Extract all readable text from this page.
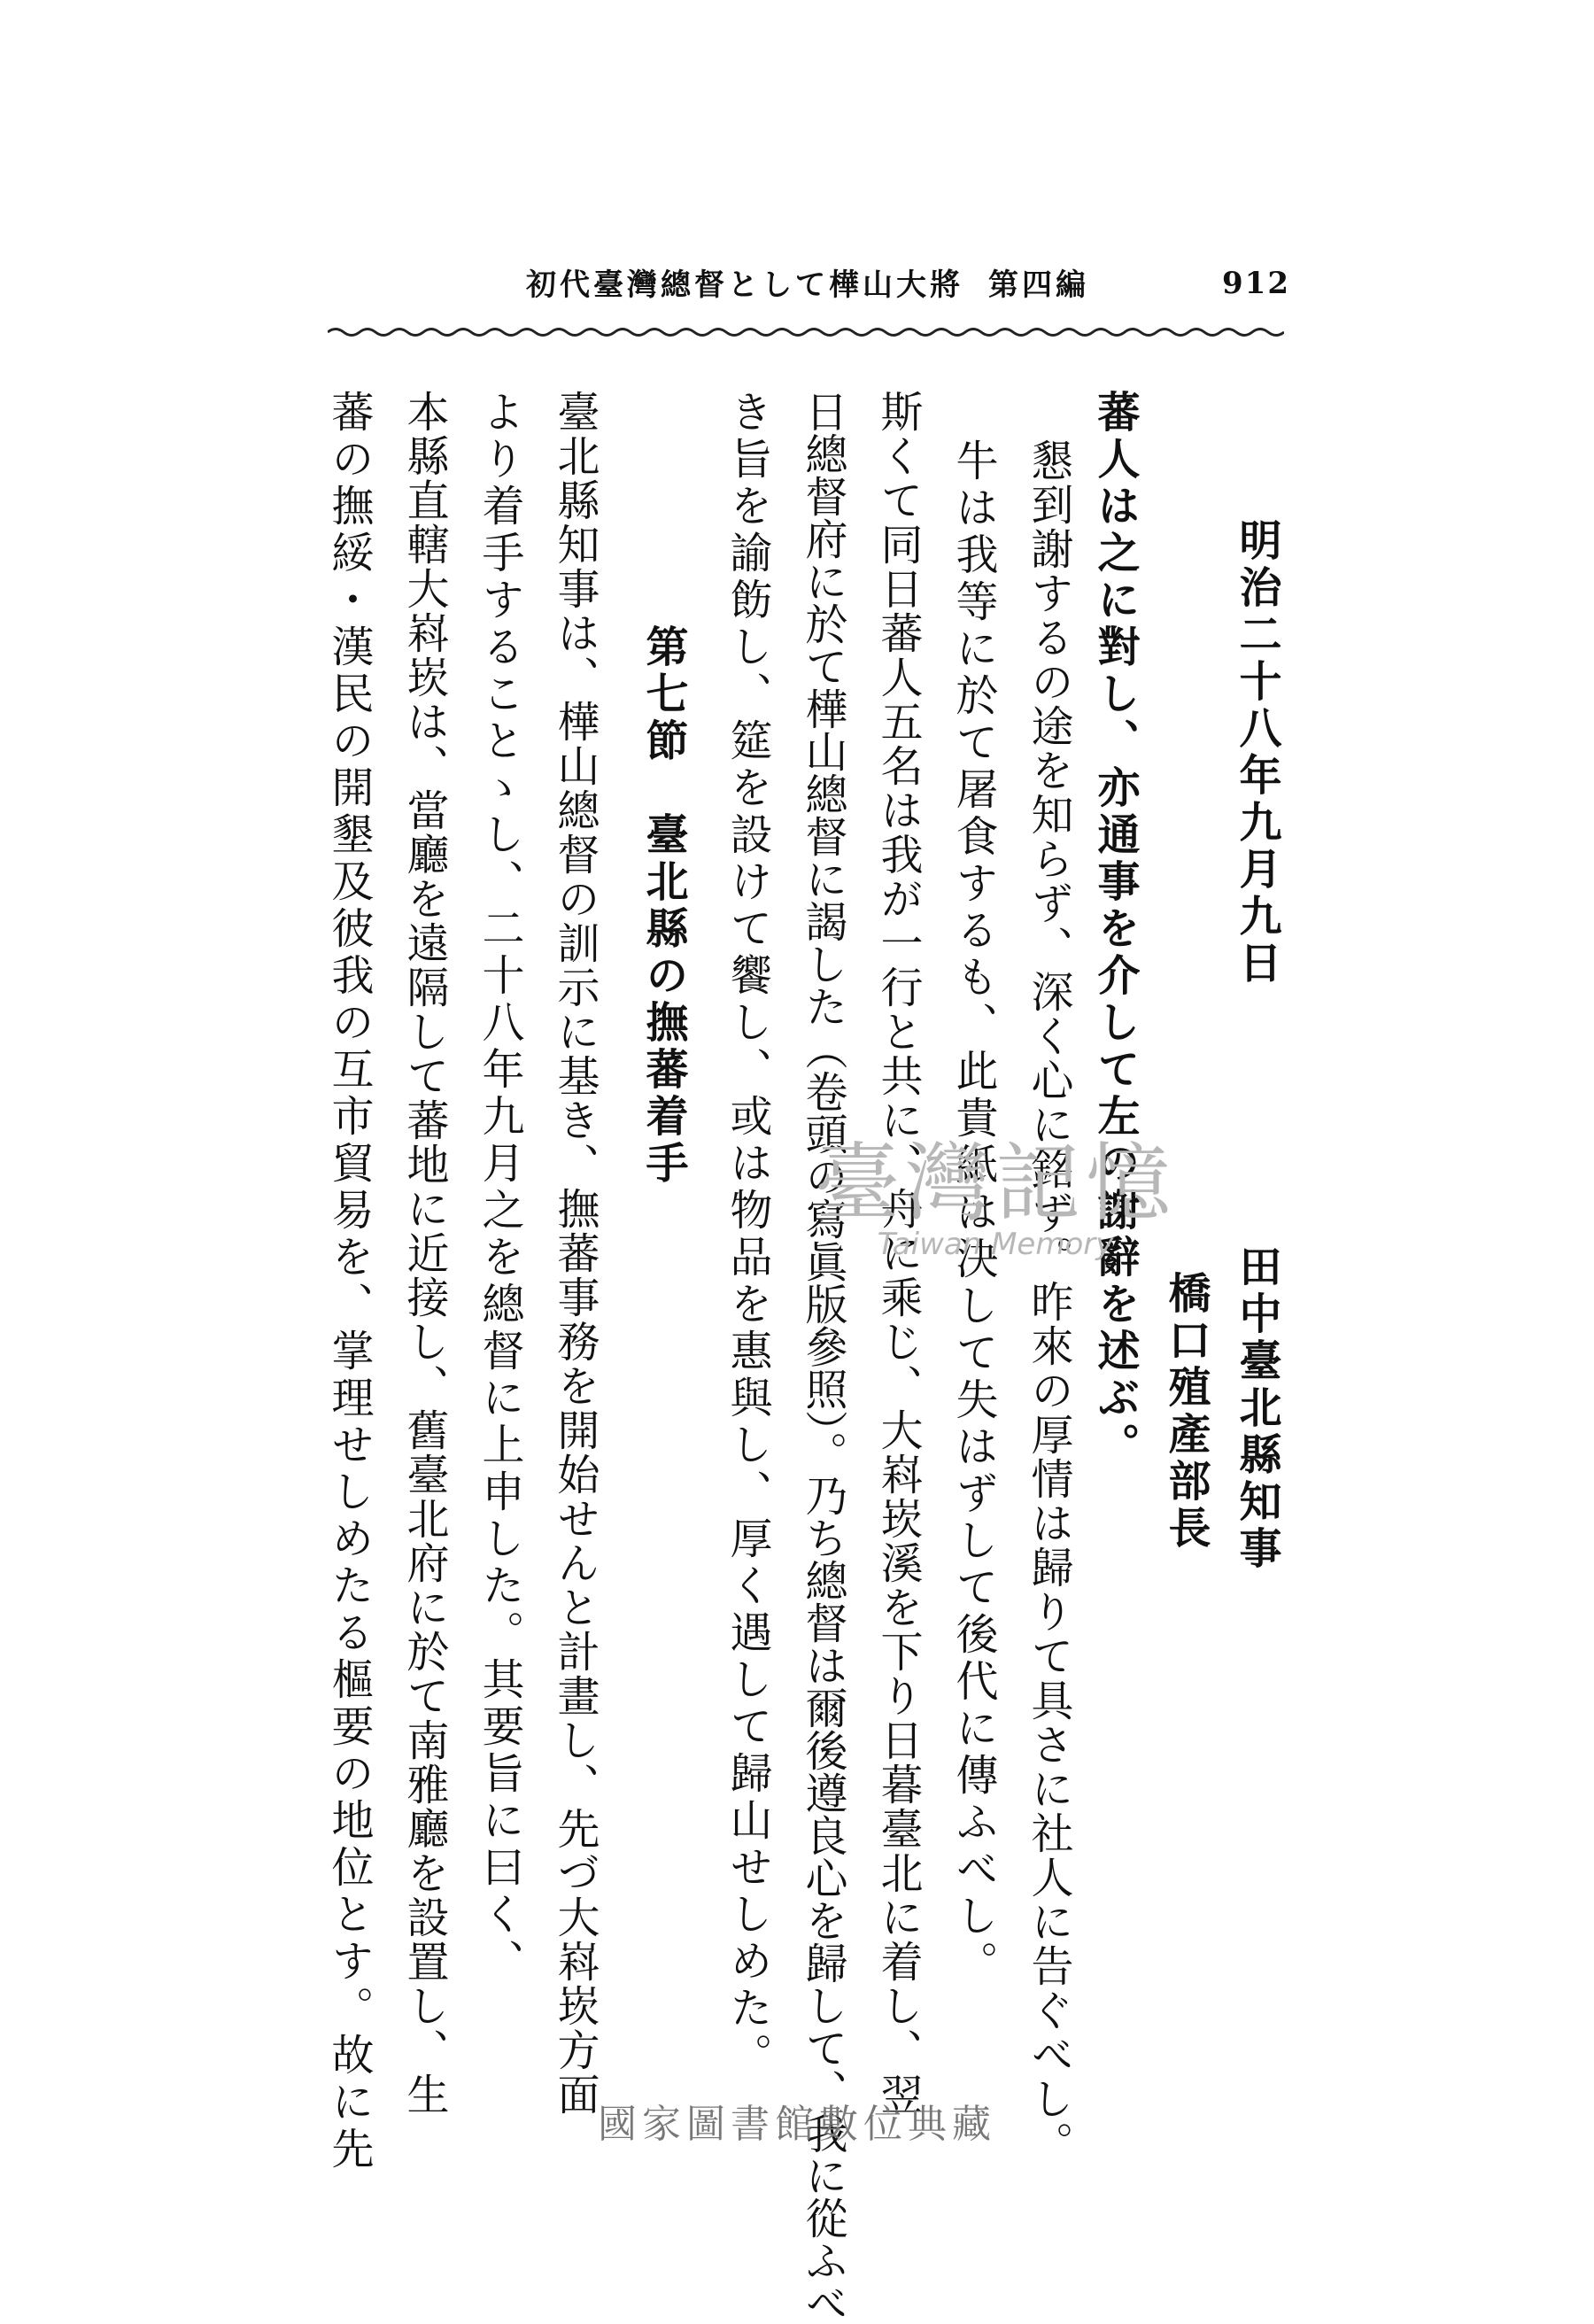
912
初代臺灣總督として樺山大將 第四編
明治二十八年九月九日
田中臺北縣知事
橋口殖產部長
蕃人は之に對し、亦通事を介して左の謝辭を述ぶ。
懇到謝するの途を知らず、深く心に銘ず。昨來の厚情は歸りて具さに社人に告ぐべし。
牛は我等に於て屠食するも、此貴紙は決して失はずして後代に傳ふべし。
斯くて同日蕃人五名は我が一行と共に、舟に乘じ、大嵙崁溪を下り日暮臺北に着し、翌
日總督府に於て樺山總督に謁した（卷頭の寫眞版參照）。乃ち總督は爾後遵良心を歸して、我に從ふべ
き旨を諭飭し、筵を設けて饗し、或は物品を惠與し、厚く遇して歸山せしめた。
第七節　臺北縣の撫蕃着手
臺北縣知事は、樺山總督の訓示に基き、撫蕃事務を開始せんと計畫し、先づ大嵙崁方面
より着手することゝし、二十八年九月之を總督に上申した。其要旨に曰く、
本縣直轄大嵙崁は、當廳を遠隔して蕃地に近接し、舊臺北府に於て南雅廳を設置し、生
蕃の撫綏・漢民の開墾及彼我の互市貿易を、掌理せしめたる樞要の地位とす。故に先	臺灣記憶
Taiwan Memory
國家圖書館數位典藏
